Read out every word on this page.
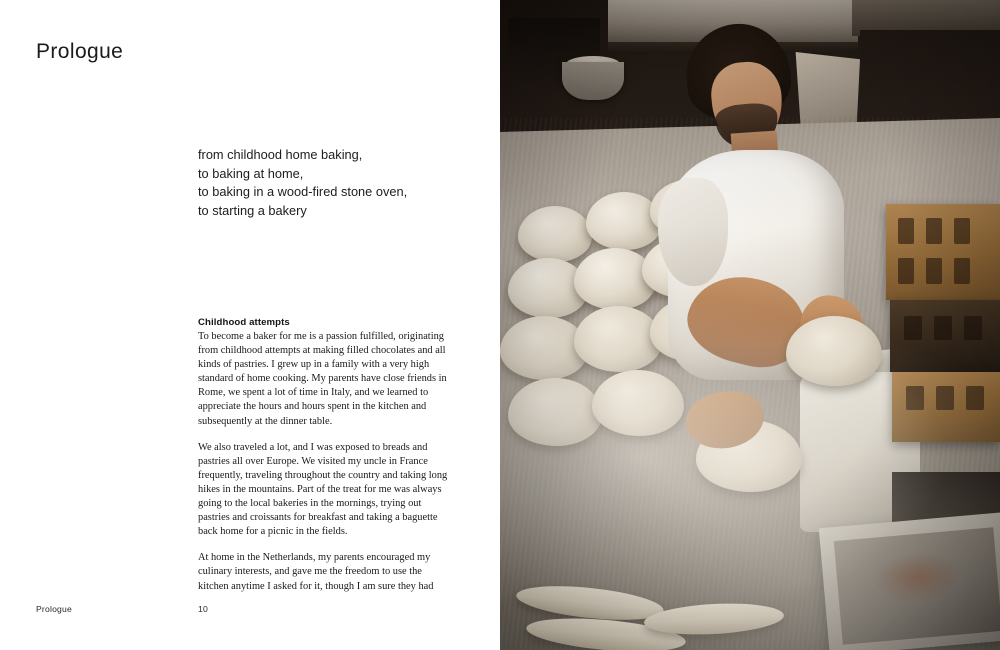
Prologue
from childhood home baking,
to baking at home,
to baking in a wood-fired stone oven,
to starting a bakery
Childhood attempts

To become a baker for me is a passion fulfilled, originating from childhood attempts at making filled chocolates and all kinds of pastries. I grew up in a family with a very high standard of home cooking. My parents have close friends in Rome, we spent a lot of time in Italy, and we learned to appreciate the hours and hours spent in the kitchen and subsequently at the dinner table.

We also traveled a lot, and I was exposed to breads and pastries all over Europe. We visited my uncle in France frequently, traveling throughout the country and taking long hikes in the mountains. Part of the treat for me was always going to the local bakeries in the mornings, trying out pastries and croissants for breakfast and taking a baguette back home for a picnic in the fields.

At home in the Netherlands, my parents encouraged my culinary interests, and gave me the freedom to use the kitchen anytime I asked for it, though I am sure they had

Prologue	10
